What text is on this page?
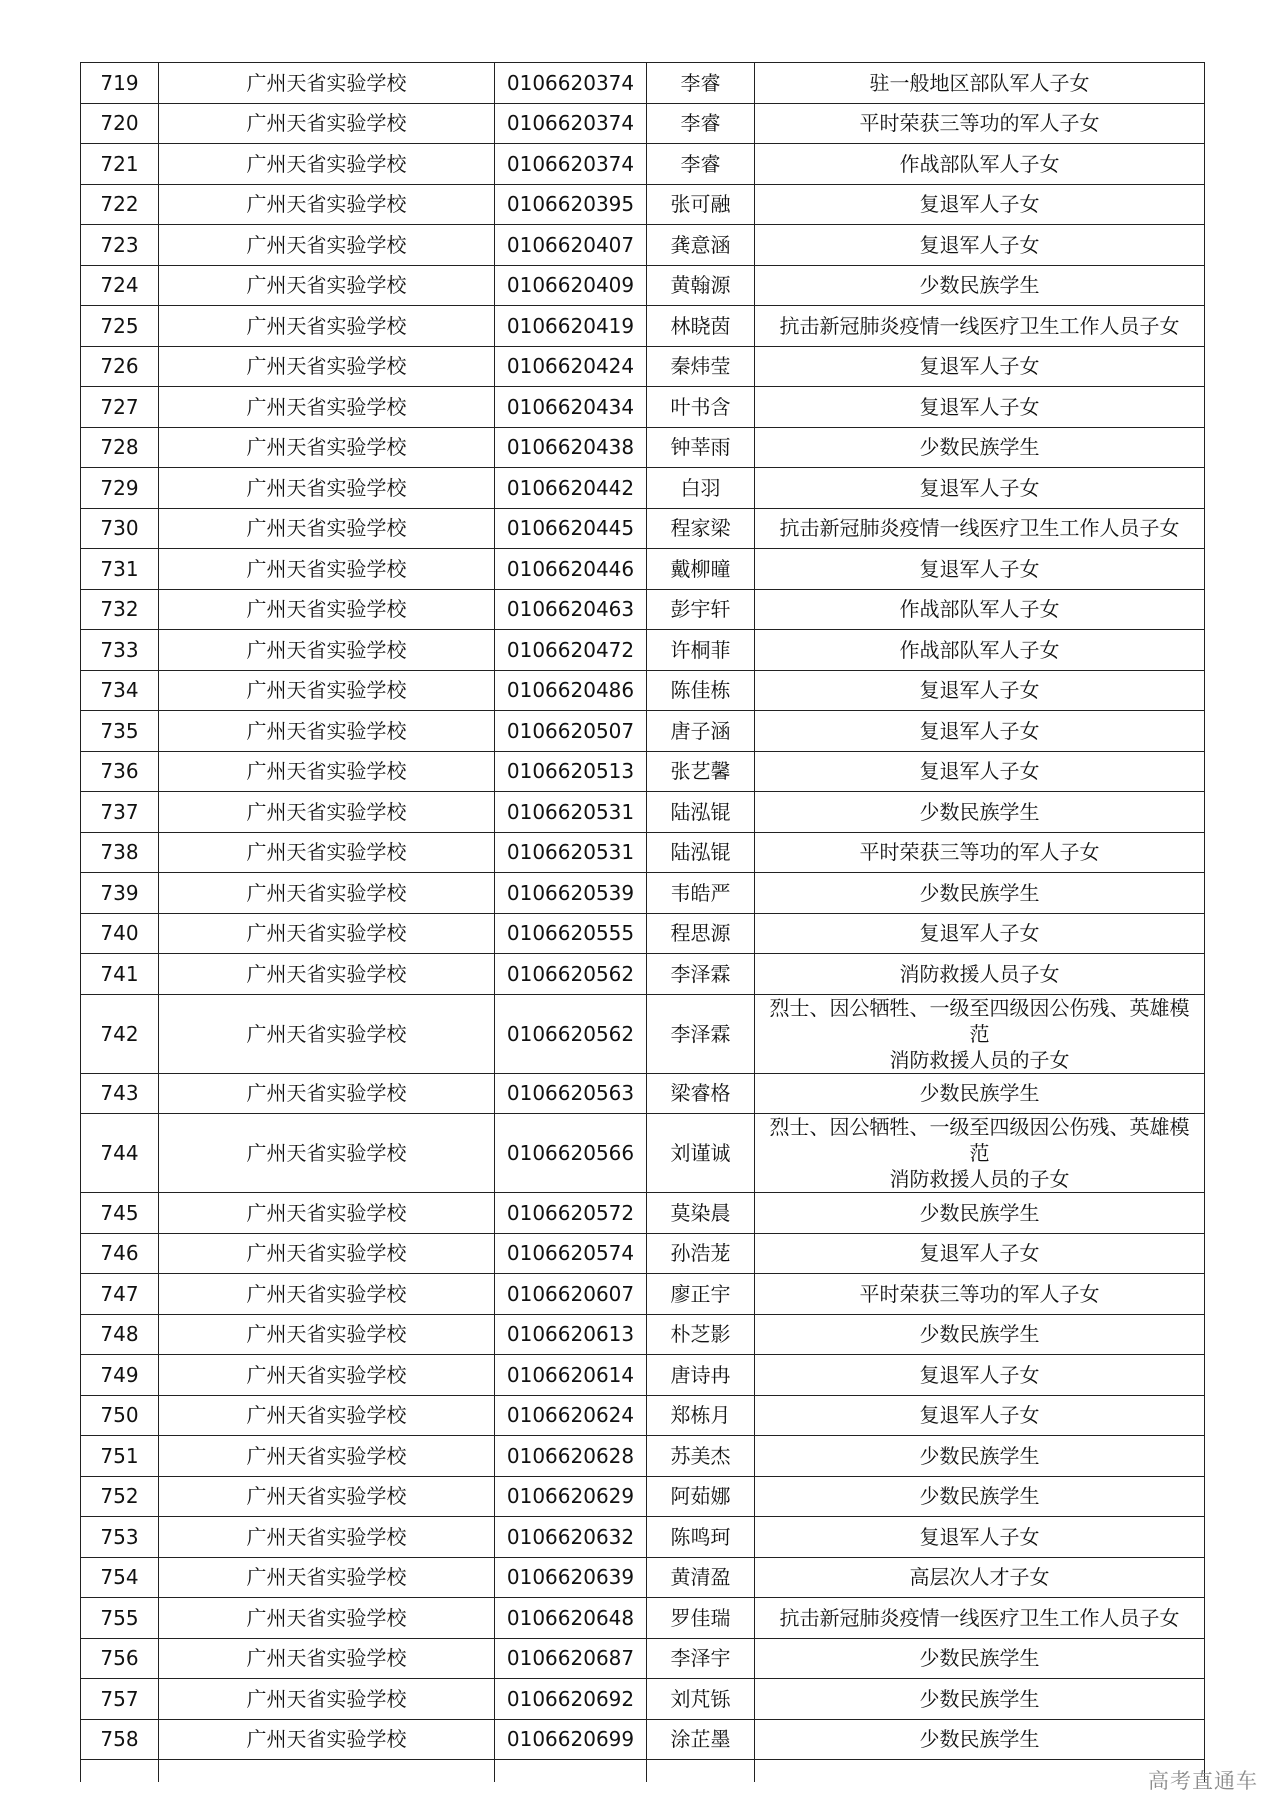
719	广州天省实验学校	0106620374	李睿	驻一般地区部队军人子女
720	广州天省实验学校	0106620374	李睿	平时荣获三等功的军人子女
721	广州天省实验学校	0106620374	李睿	作战部队军人子女
722	广州天省实验学校	0106620395	张可融	复退军人子女
723	广州天省实验学校	0106620407	龚意涵	复退军人子女
724	广州天省实验学校	0106620409	黄翰源	少数民族学生
725	广州天省实验学校	0106620419	林晓茵	抗击新冠肺炎疫情一线医疗卫生工作人员子女
726	广州天省实验学校	0106620424	秦炜莹	复退军人子女
727	广州天省实验学校	0106620434	叶书含	复退军人子女
728	广州天省实验学校	0106620438	钟莘雨	少数民族学生
729	广州天省实验学校	0106620442	白羽	复退军人子女
730	广州天省实验学校	0106620445	程家梁	抗击新冠肺炎疫情一线医疗卫生工作人员子女
731	广州天省实验学校	0106620446	戴柳曈	复退军人子女
732	广州天省实验学校	0106620463	彭宇轩	作战部队军人子女
733	广州天省实验学校	0106620472	许桐菲	作战部队军人子女
734	广州天省实验学校	0106620486	陈佳栋	复退军人子女
735	广州天省实验学校	0106620507	唐子涵	复退军人子女
736	广州天省实验学校	0106620513	张艺馨	复退军人子女
737	广州天省实验学校	0106620531	陆泓锟	少数民族学生
738	广州天省实验学校	0106620531	陆泓锟	平时荣获三等功的军人子女
739	广州天省实验学校	0106620539	韦皓严	少数民族学生
740	广州天省实验学校	0106620555	程思源	复退军人子女
741	广州天省实验学校	0106620562	李泽霖	消防救援人员子女
742	广州天省实验学校	0106620562	李泽霖	烈士、因公牺牲、一级至四级因公伤残、英雄模范
消防救援人员的子女

743	广州天省实验学校	0106620563	梁睿格	少数民族学生
744	广州天省实验学校	0106620566	刘谨诚	烈士、因公牺牲、一级至四级因公伤残、英雄模范
消防救援人员的子女

745	广州天省实验学校	0106620572	莫染晨	少数民族学生
746	广州天省实验学校	0106620574	孙浩茏	复退军人子女
747	广州天省实验学校	0106620607	廖正宇	平时荣获三等功的军人子女
748	广州天省实验学校	0106620613	朴芝影	少数民族学生
749	广州天省实验学校	0106620614	唐诗冉	复退军人子女
750	广州天省实验学校	0106620624	郑栋月	复退军人子女
751	广州天省实验学校	0106620628	苏美杰	少数民族学生
752	广州天省实验学校	0106620629	阿茹娜	少数民族学生
753	广州天省实验学校	0106620632	陈鸣珂	复退军人子女
754	广州天省实验学校	0106620639	黄清盈	高层次人才子女
755	广州天省实验学校	0106620648	罗佳瑞	抗击新冠肺炎疫情一线医疗卫生工作人员子女
756	广州天省实验学校	0106620687	李泽宇	少数民族学生
757	广州天省实验学校	0106620692	刘芃铄	少数民族学生
758	广州天省实验学校	0106620699	涂芷墨	少数民族学生

高考直通车
